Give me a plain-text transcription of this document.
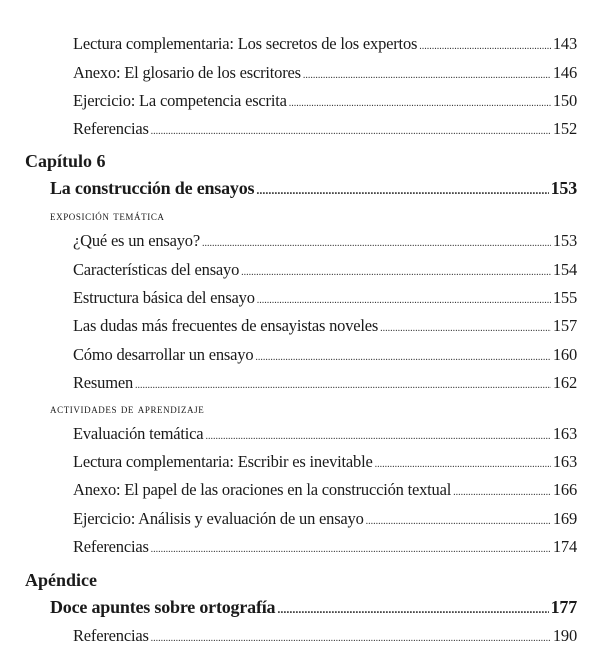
Lectura complementaria: Los secretos de los expertos .....	143
Anexo: El glosario de los escritores .....	146
Ejercicio: La competencia escrita .....	150
Referencias .....	152
Capítulo 6
La construcción de ensayos .....	153
exposición temática
¿Qué es un ensayo? .....	153
Características del ensayo .....	154
Estructura básica del ensayo .....	155
Las dudas más frecuentes de ensayistas noveles .....	157
Cómo desarrollar un ensayo .....	160
Resumen .....	162
actividades de aprendizaje
Evaluación temática .....	163
Lectura complementaria: Escribir es inevitable .....	163
Anexo: El papel de las oraciones en la construcción textual .....	166
Ejercicio: Análisis y evaluación de un ensayo .....	169
Referencias .....	174
Apéndice
Doce apuntes sobre ortografía .....	177
Referencias .....	190
